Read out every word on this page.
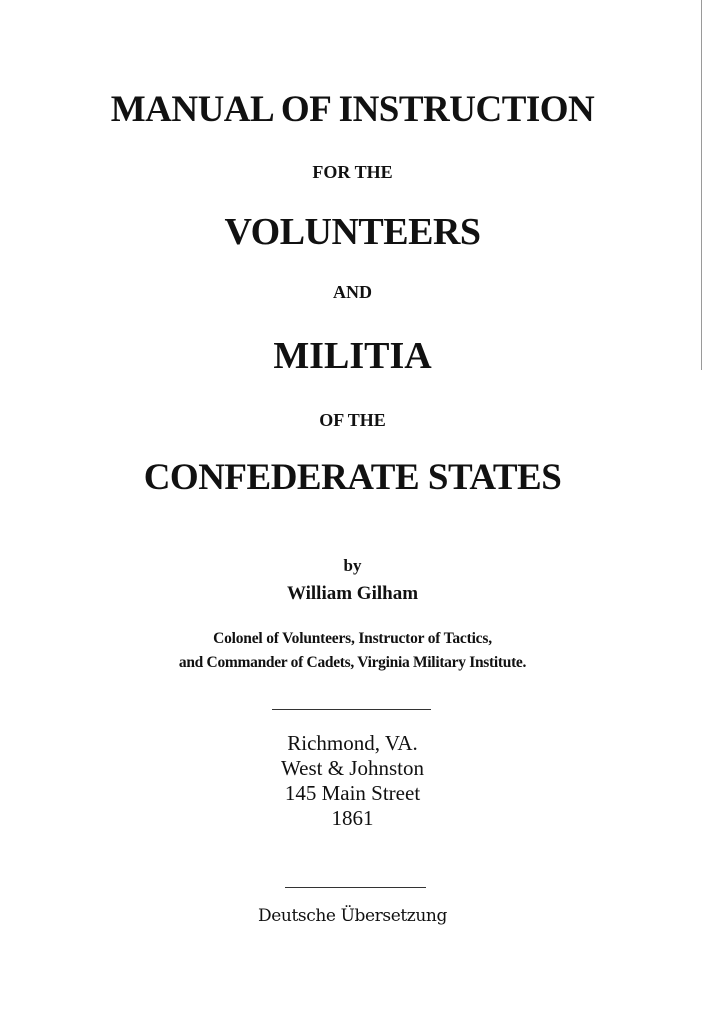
MANUAL OF INSTRUCTION
FOR THE
VOLUNTEERS
AND
MILITIA
OF THE
CONFEDERATE STATES
by
William Gilham
Colonel of Volunteers, Instructor of Tactics,
and Commander of Cadets, Virginia Military Institute.
Richmond, VA.
West & Johnston
145 Main Street
1861
Deutsche Übersetzung
